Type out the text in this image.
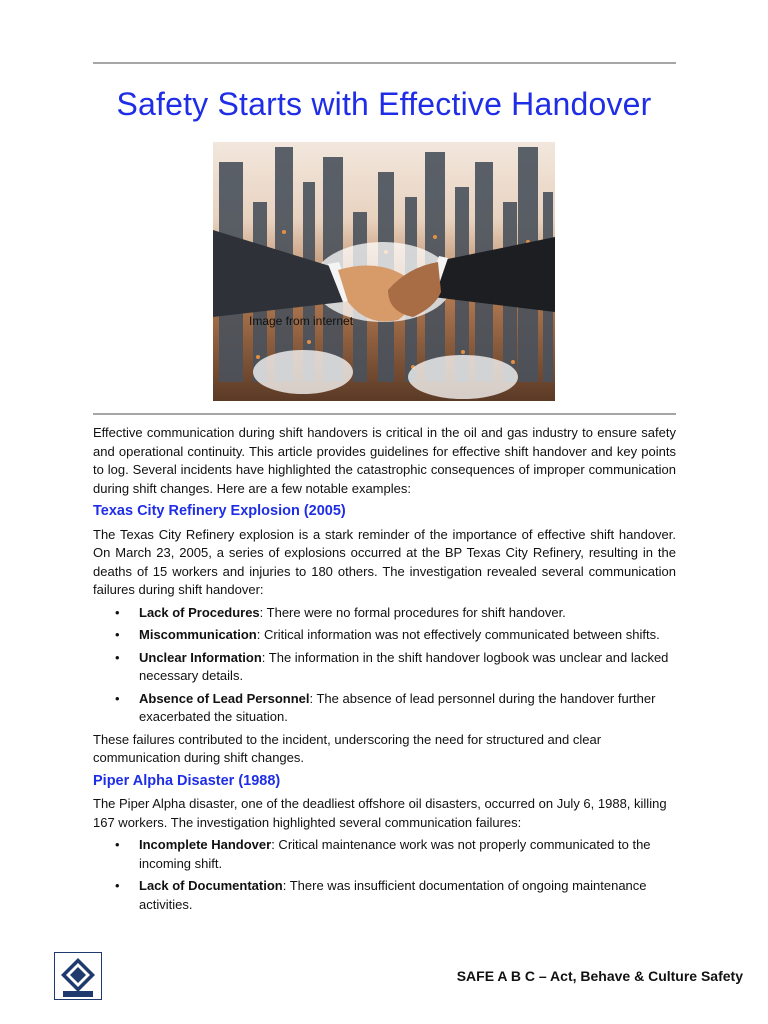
Safety Starts with Effective Handover
Image from internet

Effective communication during shift handovers is critical in the oil and gas industry to ensure safety and operational continuity. This article provides guidelines for effective shift handover and key points to log. Several incidents have highlighted the catastrophic consequences of improper communication during shift changes. Here are a few notable examples:

Texas City Refinery Explosion (2005)

The Texas City Refinery explosion is a stark reminder of the importance of effective shift handover. On March 23, 2005, a series of explosions occurred at the BP Texas City Refinery, resulting in the deaths of 15 workers and injuries to 180 others. The investigation revealed several communication failures during shift handover:

• Lack of Procedures: There were no formal procedures for shift handover.
• Miscommunication: Critical information was not effectively communicated between shifts.
• Unclear Information: The information in the shift handover logbook was unclear and lacked necessary details.
• Absence of Lead Personnel: The absence of lead personnel during the handover further exacerbated the situation.

These failures contributed to the incident, underscoring the need for structured and clear communication during shift changes.

Piper Alpha Disaster (1988)

The Piper Alpha disaster, one of the deadliest offshore oil disasters, occurred on July 6, 1988, killing 167 workers. The investigation highlighted several communication failures:

• Incomplete Handover: Critical maintenance work was not properly communicated to the incoming shift.
• Lack of Documentation: There was insufficient documentation of ongoing maintenance activities.
SAFE A B C – Act, Behave & Culture Safety
